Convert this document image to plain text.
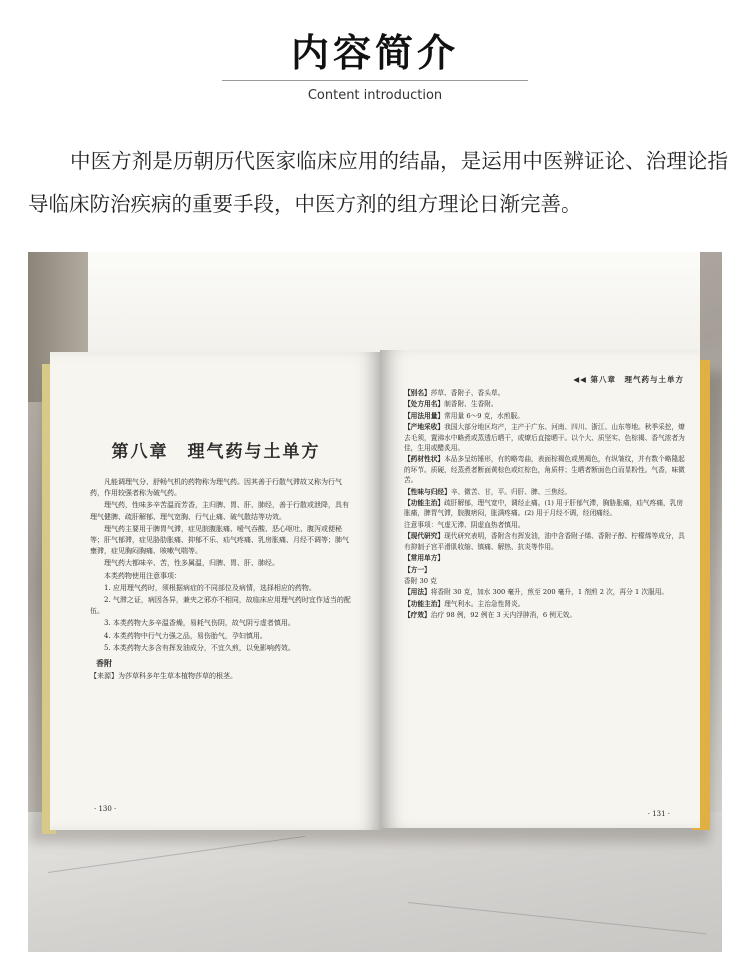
内容简介
Content introduction

中医方剂是历朝历代医家临床应用的结晶，是运用中医辨证论、治理论指导临床防治疾病的重要手段，中医方剂的组方理论日渐完善。

第八章　理气药与土单方

凡能调理气分、舒畅气机的药物称为理气药。因其善于行散气滞故又称为行气药，作用较强者称为破气药。

理气药，性味多辛苦温而芳香，主归脾、胃、肝、肺经，善于行散或泄降，具有理气健脾、疏肝解郁、理气宽胸、行气止痛、破气散结等功效。

理气药主要用于脾胃气滞，症见脘腹胀痛、嗳气吞酸、恶心呕吐、腹泻或便秘等；肝气郁滞，症见胁肋胀痛、抑郁不乐、疝气疼痛、乳房胀痛、月经不调等；肺气壅滞，症见胸闷胸痛、咳嗽气喘等。

理气药大都味辛、苦，性多属温，归脾、胃、肝、肺经。

本类药物使用注意事项：

1. 应用理气药时，须根据病症的不同部位及病情，选择相应的药物。

2. 气滞之证，病因各异，兼夹之邪亦不相同，故临床应用理气药时宜作适当的配伍。

3. 本类药物大多辛温香燥，易耗气伤阴，故气阴亏虚者慎用。

4. 本类药物中行气力强之品，易伤胎气，孕妇慎用。

5. 本类药物大多含有挥发油成分，不宜久煎，以免影响药效。

香附

【来源】为莎草科多年生草本植物莎草的根茎。

· 130 ·
◀◀ 第八章　理气药与土单方

【别名】莎草、香附子、香头草。

【处方用名】制香附、生香附。

【用法用量】常用量 6～9 克，水煎服。

【产地采收】我国大部分地区均产，主产于广东、河南、四川、浙江、山东等地。秋季采挖，燎去毛须，置沸水中略煮或蒸透后晒干，或燎后直接晒干。以个大、质坚实、色棕褐、香气浓者为佳，生用或醋炙用。

【药材性状】本品多呈纺锤形，有的略弯曲，表面棕褐色或黑褐色，有纵皱纹，并有数个略隆起的环节。质硬，经蒸煮者断面黄棕色或红棕色，角质样；生晒者断面色白而显粉性。气香，味微苦。

【性味与归经】辛、微苦、甘，平。归肝、脾、三焦经。

【功能主治】疏肝解郁，理气宽中，调经止痛。(1) 用于肝郁气滞，胸胁胀痛，疝气疼痛，乳房胀痛，脾胃气滞，脘腹痞闷，胀满疼痛。(2) 用于月经不调，经闭痛经。

注意事项：气虚无滞、阴虚血热者慎用。

【现代研究】现代研究表明，香附含有挥发油，油中含香附子烯、香附子醇、柠檬烯等成分，具有抑制子宫平滑肌收缩、镇痛、解热、抗炎等作用。

【常用单方】

【方一】

香附 30 克

【用法】将香附 30 克，加水 300 毫升，煎至 200 毫升，1 剂煎 2 次，再分 1 次服用。

【功能主治】理气利水。主治急性肾炎。

【疗效】治疗 98 例，92 例在 3 天内浮肿消，6 例无效。

· 131 ·
